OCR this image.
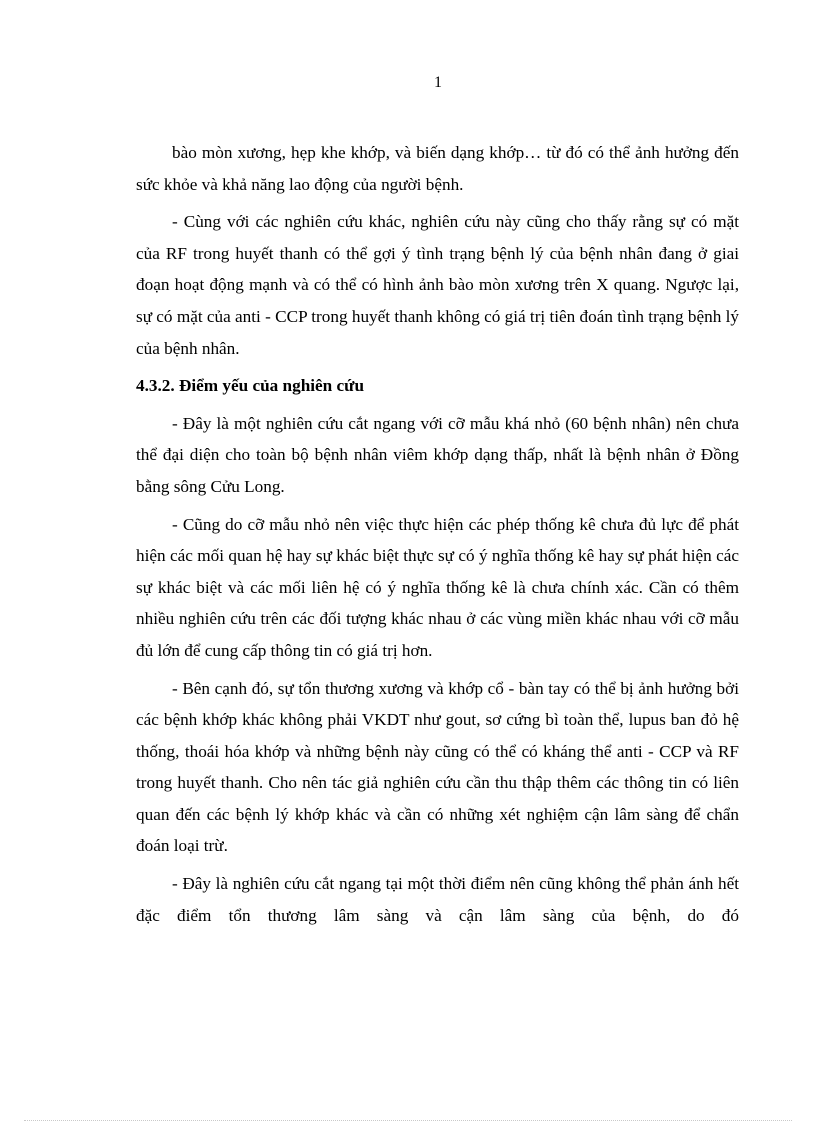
1

bào mòn xương, hẹp khe khớp, và biến dạng khớp… từ đó có thể ảnh hưởng đến sức khỏe và khả năng lao động của người bệnh.

- Cùng với các nghiên cứu khác, nghiên cứu này cũng cho thấy rằng sự có mặt của RF trong huyết thanh có thể gợi ý tình trạng bệnh lý của bệnh nhân đang ở giai đoạn hoạt động mạnh và có thể có hình ảnh bào mòn xương trên X quang. Ngược lại, sự có mặt của anti - CCP trong huyết thanh không có giá trị tiên đoán tình trạng bệnh lý của bệnh nhân.

4.3.2. Điểm yếu của nghiên cứu

- Đây là một nghiên cứu cắt ngang với cỡ mẫu khá nhỏ (60 bệnh nhân) nên chưa thể đại diện cho toàn bộ bệnh nhân viêm khớp dạng thấp, nhất là bệnh nhân ở Đồng bằng sông Cửu Long.

- Cũng do cỡ mẫu nhỏ nên việc thực hiện các phép thống kê chưa đủ lực để phát hiện các mối quan hệ hay sự khác biệt thực sự có ý nghĩa thống kê hay sự phát hiện các sự khác biệt và các mối liên hệ có ý nghĩa thống kê là chưa chính xác. Cần có thêm nhiều nghiên cứu trên các đối tượng khác nhau ở các vùng miền khác nhau với cỡ mẫu đủ lớn để cung cấp thông tin có giá trị hơn.

- Bên cạnh đó, sự tổn thương xương và khớp cổ - bàn tay có thể bị ảnh hưởng bởi các bệnh khớp khác không phải VKDT như gout, sơ cứng bì toàn thể, lupus ban đỏ hệ thống, thoái hóa khớp và những bệnh này cũng có thể có kháng thể anti - CCP và RF trong huyết thanh. Cho nên tác giả nghiên cứu cần thu thập thêm các thông tin có liên quan đến các bệnh lý khớp khác và cần có những xét nghiệm cận lâm sàng để chẩn đoán loại trừ.

- Đây là nghiên cứu cắt ngang tại một thời điểm nên cũng không thể phản ánh hết đặc điểm tổn thương lâm sàng và cận lâm sàng của bệnh, do đó
